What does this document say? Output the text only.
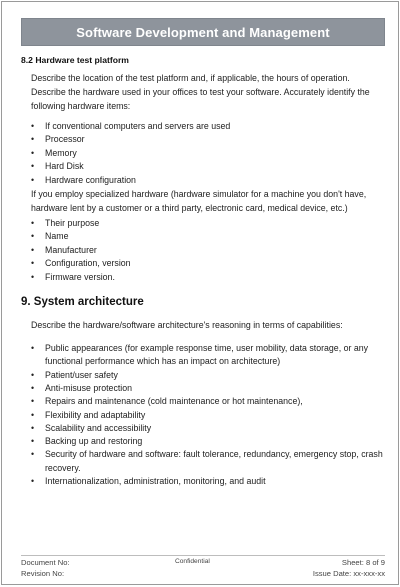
Software Development and Management
8.2 Hardware test platform

Describe the location of the test platform and, if applicable, the hours of operation. Describe the hardware used in your offices to test your software. Accurately identify the following hardware items:

• If conventional computers and servers are used
• Processor
• Memory
• Hard Disk
• Hardware configuration

If you employ specialized hardware (hardware simulator for a machine you don't have, hardware lent by a customer or a third party, electronic card, medical device, etc.)

• Their purpose
• Name
• Manufacturer
• Configuration, version
• Firmware version.
9. System architecture

Describe the hardware/software architecture's reasoning in terms of capabilities:

• Public appearances (for example response time, user mobility, data storage, or any functional performance which has an impact on architecture)
• Patient/user safety
• Anti-misuse protection
• Repairs and maintenance (cold maintenance or hot maintenance),
• Flexibility and adaptability
• Scalability and accessibility
• Backing up and restoring
• Security of hardware and software: fault tolerance, redundancy, emergency stop, crash recovery.
• Internationalization, administration, monitoring, and audit
Document No:	Confidential	Sheet: 8 of 9
Revision No:	Issue Date: xx-xxx-xx
